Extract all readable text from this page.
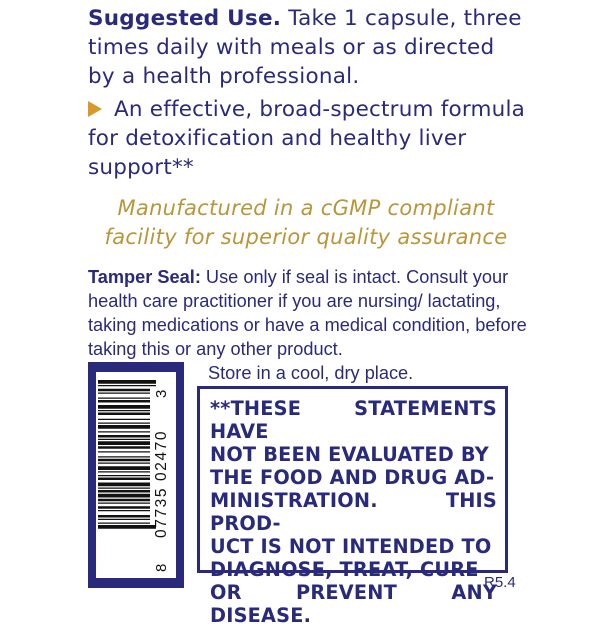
Suggested Use. Take 1 capsule, three times daily with meals or as directed by a health professional.

An effective, broad-spectrum formula for detoxification and healthy liver support**

Manufactured in a cGMP compliant
facility for superior quality assurance

Tamper Seal: Use only if seal is intact. Consult your health care practitioner if you are nursing/ lactating, taking medications or have a medical condition, before taking this or any other product.

Store in a cool, dry place.

8
07735 02470
3
**THESE STATEMENTS HAVE
NOT BEEN EVALUATED BY
THE FOOD AND DRUG AD-
MINISTRATION. THIS PROD-
UCT IS NOT INTENDED TO
DIAGNOSE, TREAT, CURE
OR PREVENT ANY DISEASE.
R5.4
